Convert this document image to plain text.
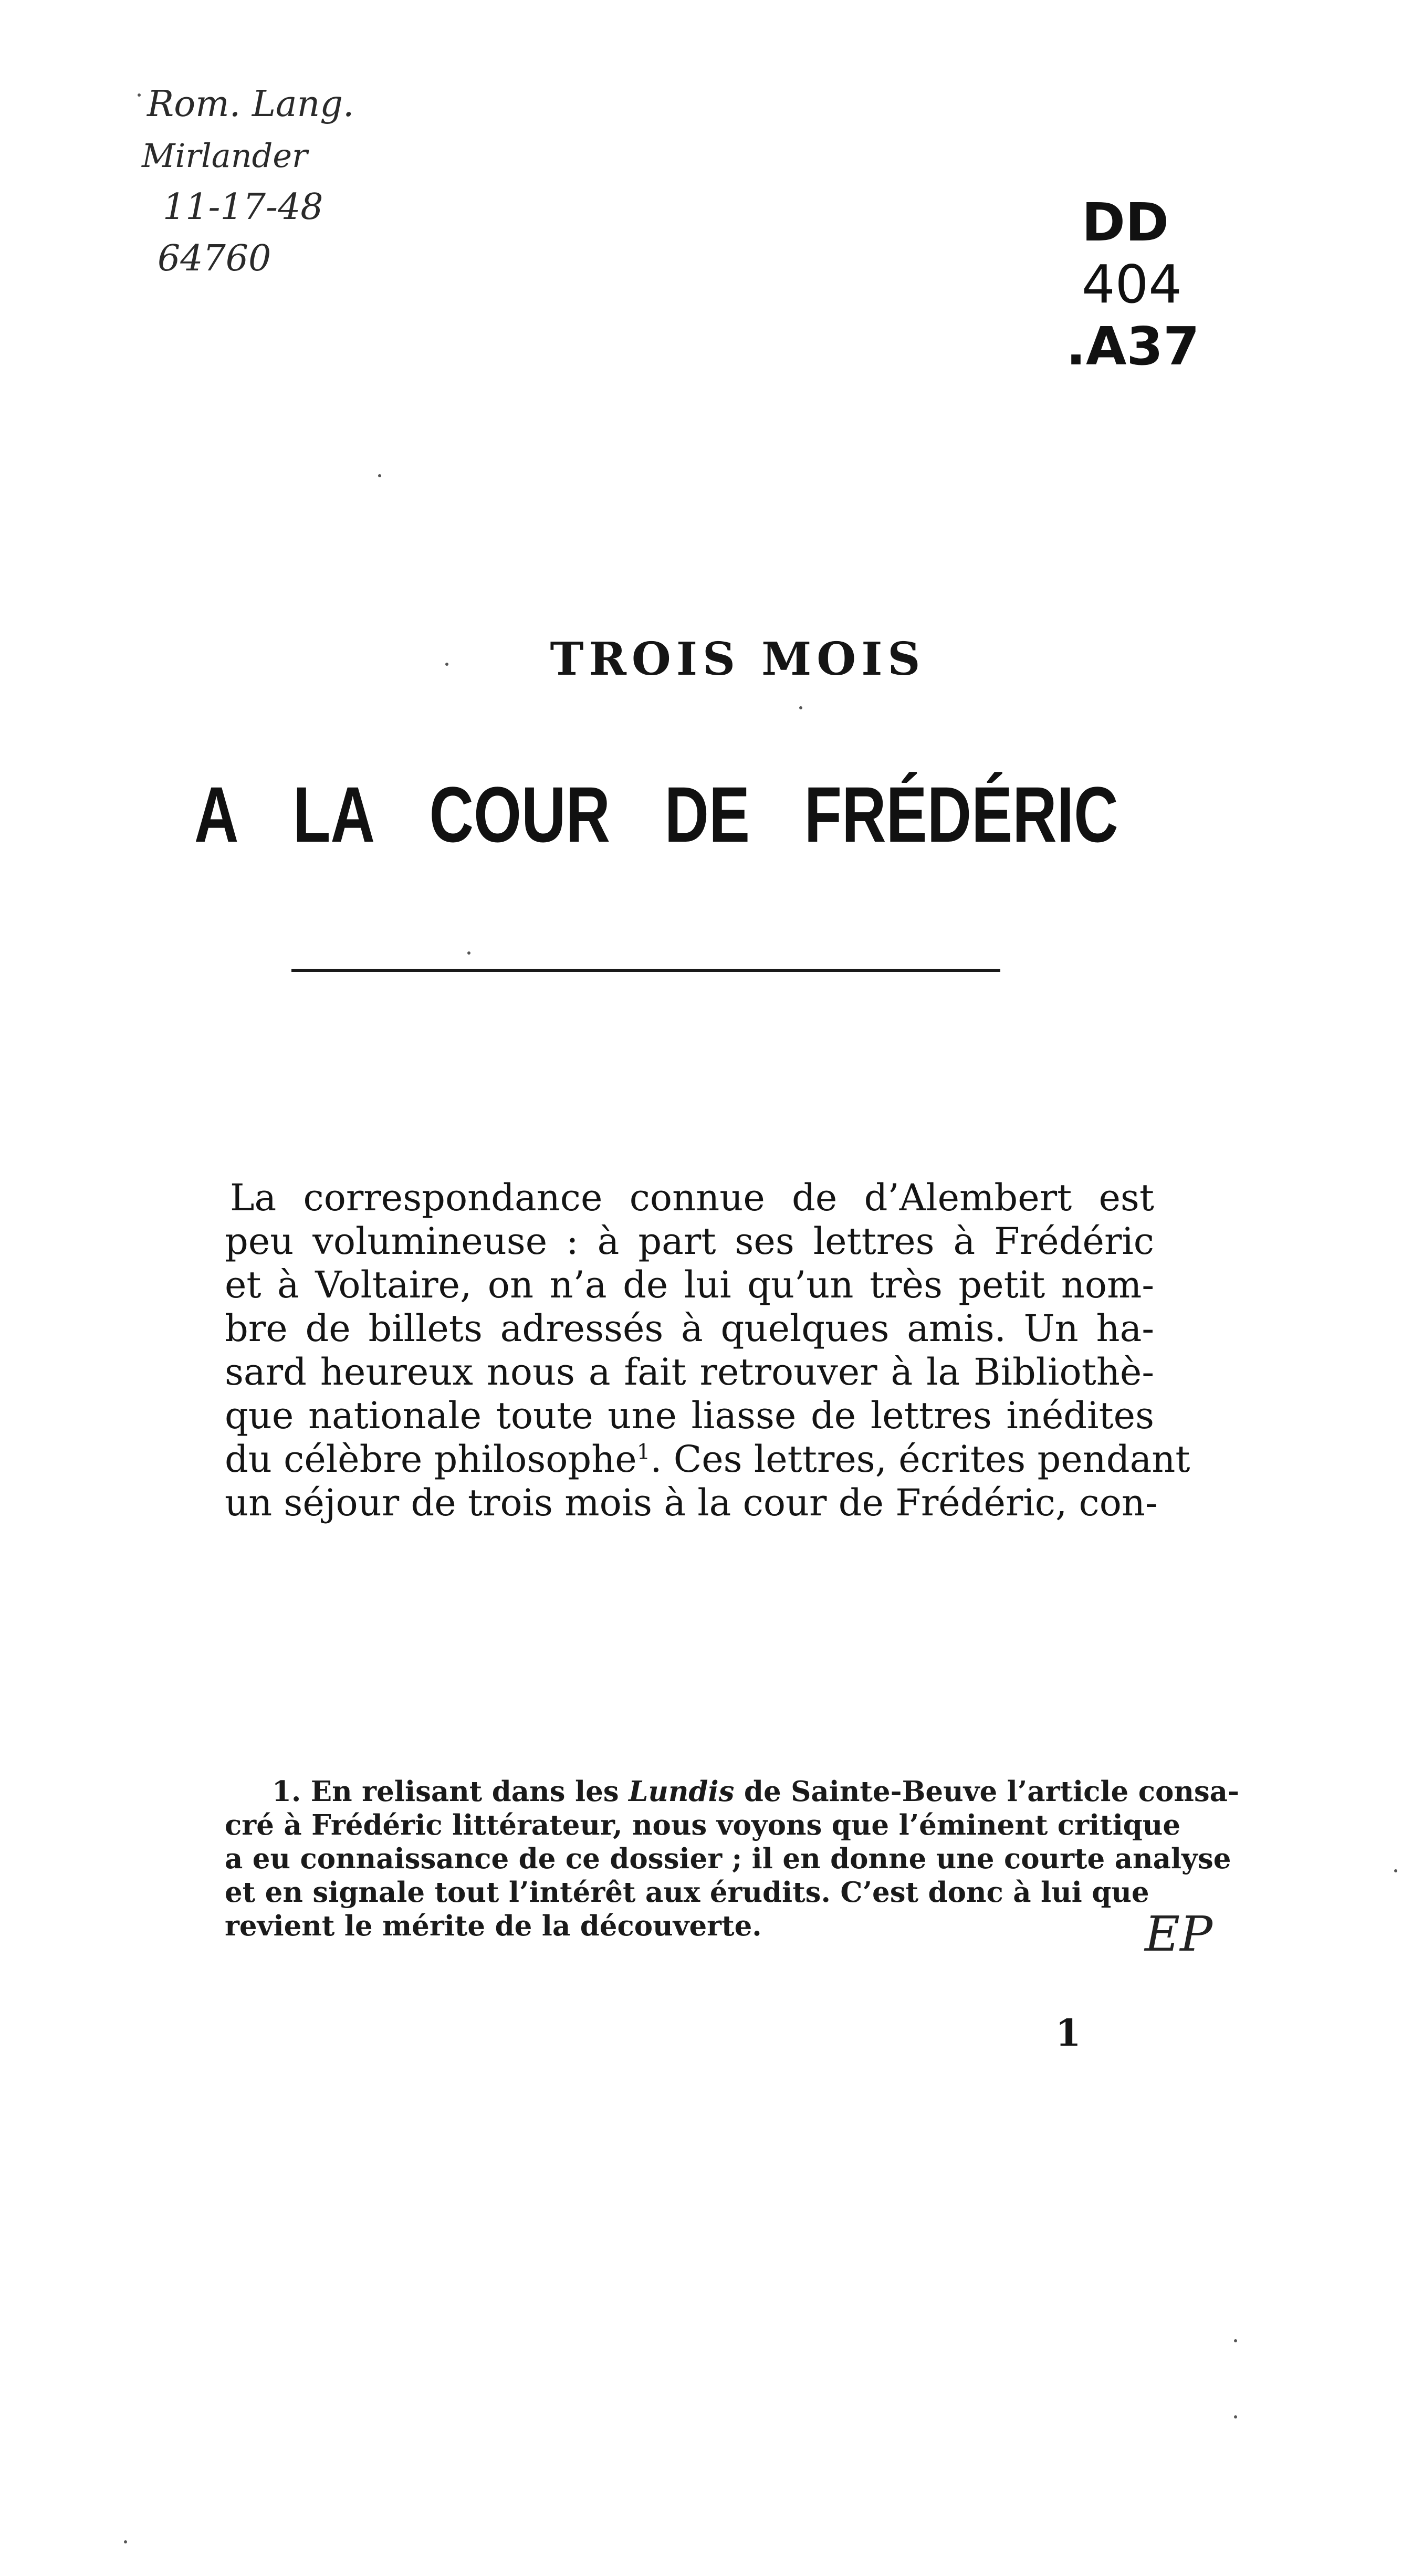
Rom. Lang.
Mirlander
11-17-48
64760
DD
404
.A37
TROIS MOIS
A LA COUR DE FRÉDÉRIC
La correspondance connue de d’Alembert est
peu volumineuse : à part ses lettres à Frédéric
et à Voltaire, on n’a de lui qu’un très petit nom-
bre de billets adressés à quelques amis. Un ha-
sard heureux nous a fait retrouver à la Bibliothè-
que nationale toute une liasse de lettres inédites
du célèbre philosophe$^1$. Ces lettres, écrites pendant
un séjour de trois mois à la cour de Frédéric, con-
1. En relisant dans les Lundis de Sainte-Beuve l’article consa-
cré à Frédéric littérateur, nous voyons que l’éminent critique
a eu connaissance de ce dossier ; il en donne une courte analyse
et en signale tout l’intérêt aux érudits. C’est donc à lui que
revient le mérite de la découverte.	EP
1
